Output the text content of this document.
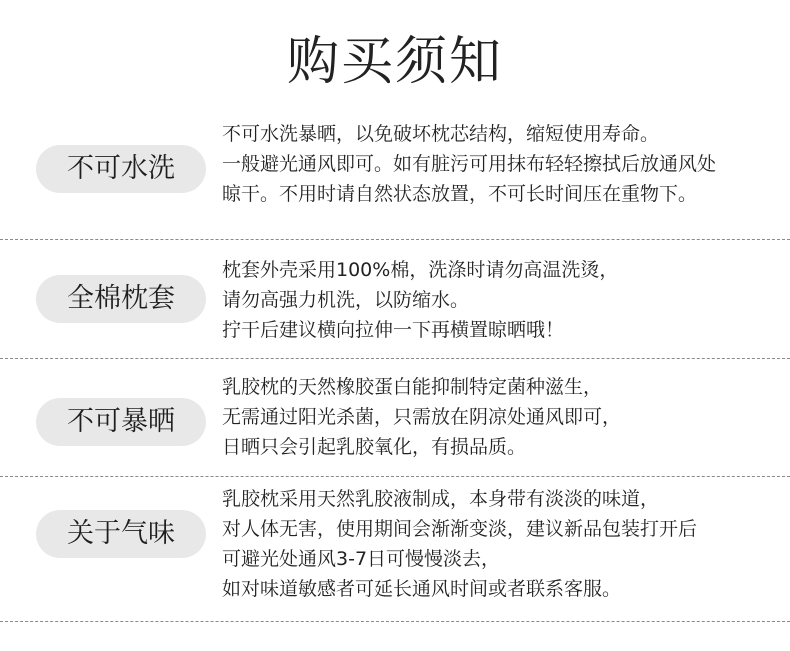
购买须知
不可水洗
不可水洗暴晒，以免破坏枕芯结构，缩短使用寿命。
一般避光通风即可。如有脏污可用抹布轻轻擦拭后放通风处
晾干。不用时请自然状态放置，不可长时间压在重物下。
全棉枕套
枕套外壳采用100%棉，洗涤时请勿高温洗烫，
请勿高强力机洗，以防缩水。
拧干后建议横向拉伸一下再横置晾晒哦！
不可暴晒
乳胶枕的天然橡胶蛋白能抑制特定菌种滋生，
无需通过阳光杀菌，只需放在阴凉处通风即可，
日晒只会引起乳胶氧化，有损品质。
关于气味
乳胶枕采用天然乳胶液制成，本身带有淡淡的味道，
对人体无害，使用期间会渐渐变淡，建议新品包装打开后
可避光处通风3-7日可慢慢淡去，
如对味道敏感者可延长通风时间或者联系客服。
